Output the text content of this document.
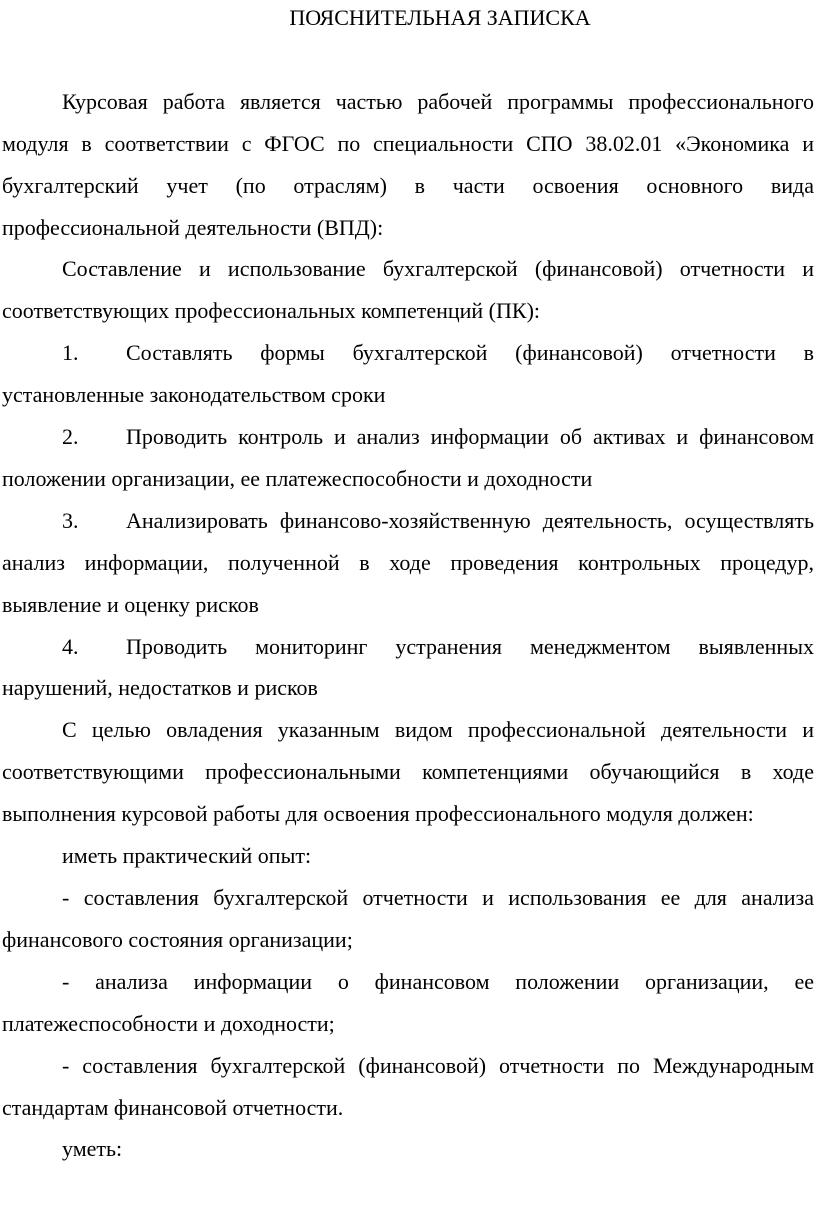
ПОЯСНИТЕЛЬНАЯ ЗАПИСКА

Курсовая работа является частью рабочей программы профессионального модуля в соответствии с ФГОС по специальности СПО 38.02.01 «Экономика и бухгалтерский учет (по отраслям) в части освоения основного вида профессиональной деятельности (ВПД):

Составление и использование бухгалтерской (финансовой) отчетности и соответствующих профессиональных компетенций (ПК):

1. Составлять формы бухгалтерской (финансовой) отчетности в установленные законодательством сроки

2. Проводить контроль и анализ информации об активах и финансовом положении организации, ее платежеспособности и доходности

3. Анализировать финансово-хозяйственную деятельность, осуществлять анализ информации, полученной в ходе проведения контрольных процедур, выявление и оценку рисков

4. Проводить мониторинг устранения менеджментом выявленных нарушений, недостатков и рисков

С целью овладения указанным видом профессиональной деятельности и соответствующими профессиональными компетенциями обучающийся в ходе выполнения курсовой работы для освоения профессионального модуля должен:

иметь практический опыт:

- составления бухгалтерской отчетности и использования ее для анализа финансового состояния организации;

- анализа информации о финансовом положении организации, ее платежеспособности и доходности;

- составления бухгалтерской (финансовой) отчетности по Международным стандартам финансовой отчетности.

уметь:
